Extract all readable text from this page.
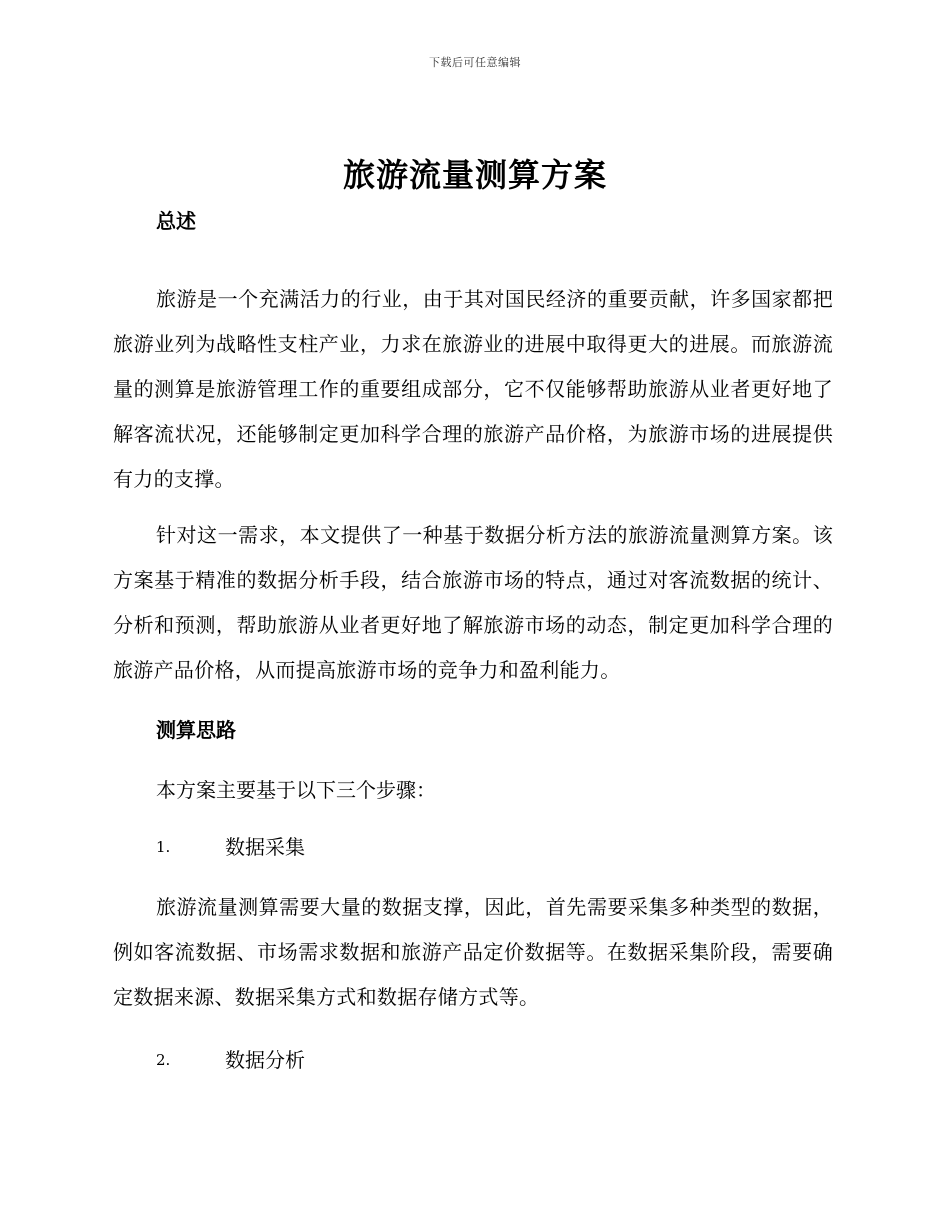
下载后可任意编辑
旅游流量测算方案
总述
旅游是一个充满活力的行业，由于其对国民经济的重要贡献，许多国家都把旅游业列为战略性支柱产业，力求在旅游业的进展中取得更大的进展。而旅游流量的测算是旅游管理工作的重要组成部分，它不仅能够帮助旅游从业者更好地了解客流状况，还能够制定更加科学合理的旅游产品价格，为旅游市场的进展提供有力的支撑。
针对这一需求，本文提供了一种基于数据分析方法的旅游流量测算方案。该方案基于精准的数据分析手段，结合旅游市场的特点，通过对客流数据的统计、分析和预测，帮助旅游从业者更好地了解旅游市场的动态，制定更加科学合理的旅游产品价格，从而提高旅游市场的竞争力和盈利能力。
测算思路
本方案主要基于以下三个步骤：
1.	数据采集
旅游流量测算需要大量的数据支撑，因此，首先需要采集多种类型的数据，例如客流数据、市场需求数据和旅游产品定价数据等。在数据采集阶段，需要确定数据来源、数据采集方式和数据存储方式等。
2.	数据分析
